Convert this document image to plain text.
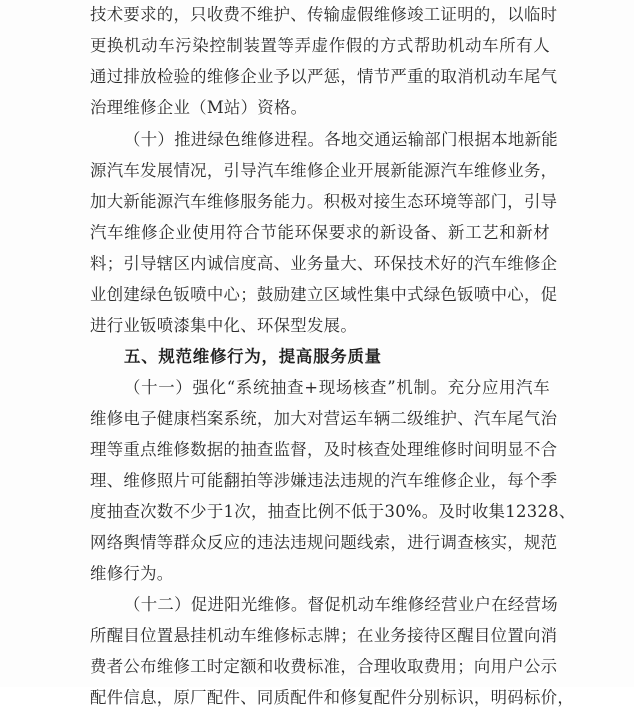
技术要求的，只收费不维护、传输虚假维修竣工证明的，以临时
更换机动车污染控制装置等弄虚作假的方式帮助机动车所有人
通过排放检验的维修企业予以严惩，情节严重的取消机动车尾气
治理维修企业（M站）资格。
（十）推进绿色维修进程。各地交通运输部门根据本地新能
源汽车发展情况，引导汽车维修企业开展新能源汽车维修业务，
加大新能源汽车维修服务能力。积极对接生态环境等部门，引导
汽车维修企业使用符合节能环保要求的新设备、新工艺和新材
料；引导辖区内诚信度高、业务量大、环保技术好的汽车维修企
业创建绿色钣喷中心；鼓励建立区域性集中式绿色钣喷中心，促
进行业钣喷漆集中化、环保型发展。
五、规范维修行为，提高服务质量
（十一）强化“系统抽查+现场核查”机制。充分应用汽车
维修电子健康档案系统，加大对营运车辆二级维护、汽车尾气治
理等重点维修数据的抽查监督，及时核查处理维修时间明显不合
理、维修照片可能翻拍等涉嫌违法违规的汽车维修企业，每个季
度抽查次数不少于1次，抽查比例不低于30%。及时收集12328、
网络舆情等群众反应的违法违规问题线索，进行调查核实，规范
维修行为。
（十二）促进阳光维修。督促机动车维修经营业户在经营场
所醒目位置悬挂机动车维修标志牌；在业务接待区醒目位置向消
费者公布维修工时定额和收费标准，合理收取费用；向用户公示
配件信息，原厂配件、同质配件和修复配件分别标识，明码标价，
